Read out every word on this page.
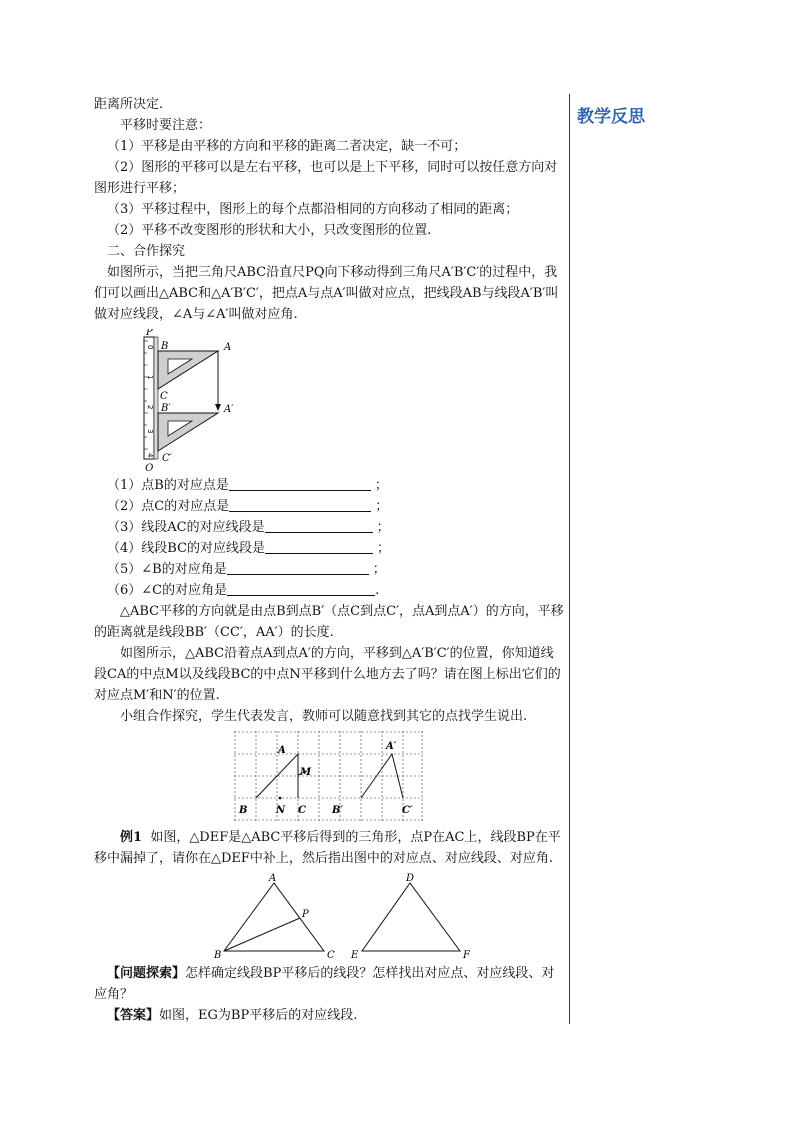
教学反思

距离所决定.

平移时要注意：

（1）平移是由平移的方向和平移的距离二者决定，缺一不可；

（2）图形的平移可以是左右平移，也可以是上下平移，同时可以按任意方向对图形进行平移；

（3）平移过程中，图形上的每个点都沿相同的方向移动了相同的距离；

（2）平移不改变图形的形状和大小，只改变图形的位置.

二、合作探究

如图所示，当把三角尺ABC沿直尺PQ向下移动得到三角尺A′B′C′的过程中，我们可以画出△ABC和△A′B′C′，把点A与点A′叫做对应点，把线段AB与线段A′B′叫做对应线段，∠A与∠A′叫做对应角.

P
B	A
C
B′	A′
C′
Q
0
1
2
3
4

（1）点B的对应点是	；

（2）点C的对应点是	；

（3）线段AC的对应线段是	；

（4）线段BC的对应线段是	；

（5）∠B的对应角是	；

（6）∠C的对应角是	.

△ABC平移的方向就是由点B到点B′（点C到点C′，点A到点A′）的方向，平移的距离就是线段BB′（CC′，AA′）的长度.

如图所示，△ABC沿着点A到点A′的方向，平移到△A′B′C′的位置，你知道线段CA的中点M以及线段BC的中点N平移到什么地方去了吗？请在图上标出它们的对应点M′和N′的位置.

小组合作探究，学生代表发言，教师可以随意找到其它的点找学生说出.

A
M
B	N C
A′
B′	C′

例1 如图，△DEF是△ABC平移后得到的三角形，点P在AC上，线段BP在平移中漏掉了，请你在△DEF中补上，然后指出图中的对应点、对应线段、对应角.

A
P
B	C
D
E	F

【问题探索】怎样确定线段BP平移后的线段？怎样找出对应点、对应线段、对应角？

【答案】如图，EG为BP平移后的对应线段.
